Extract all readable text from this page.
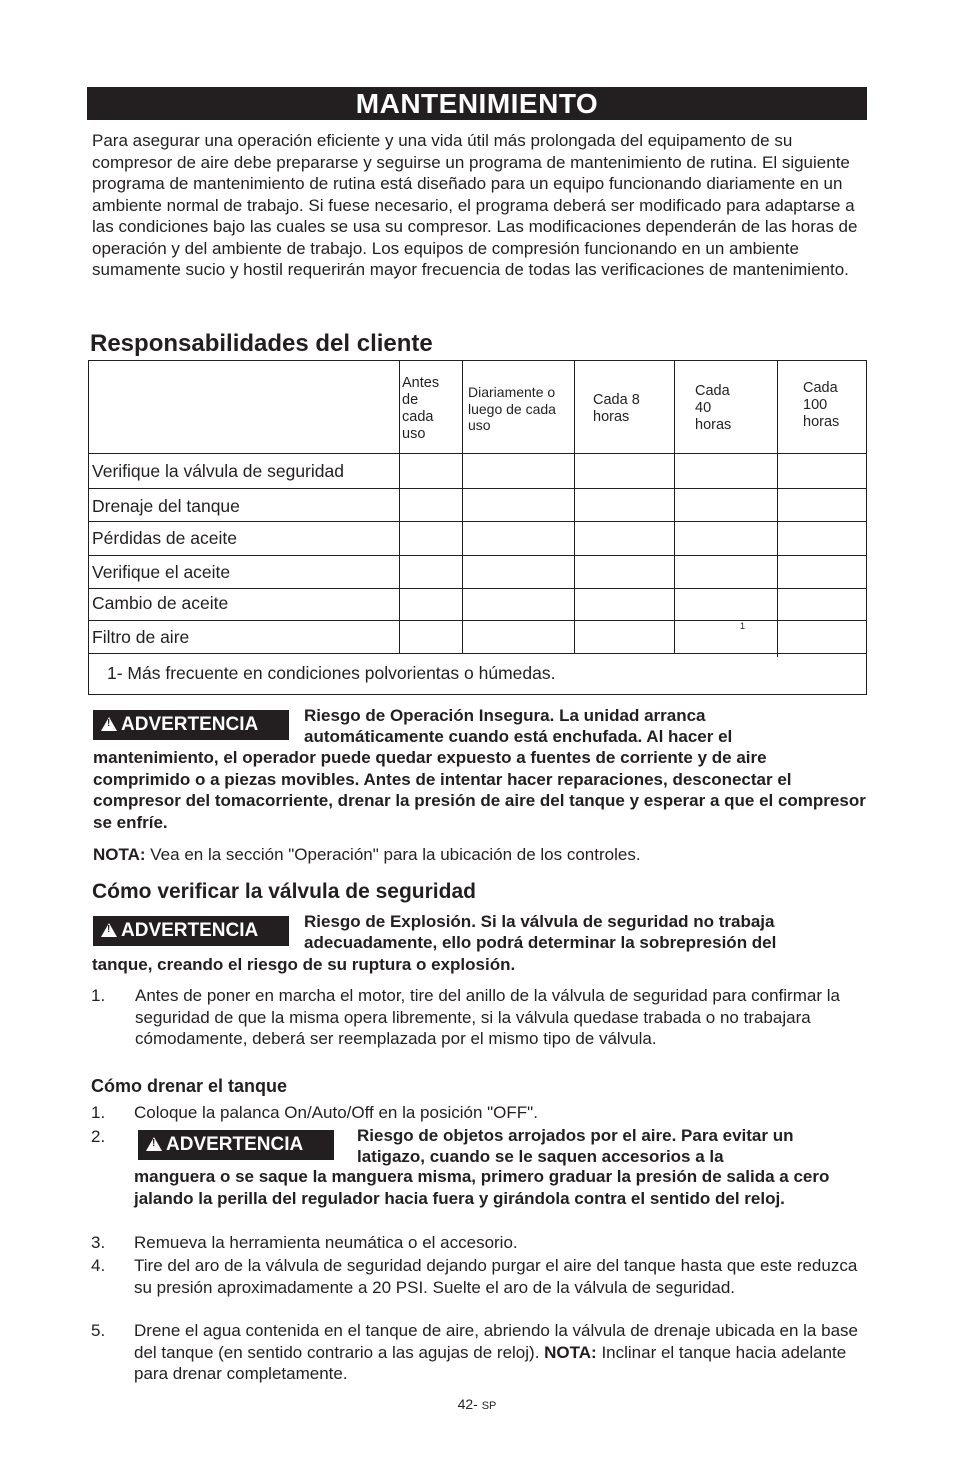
MANTENIMIENTO

Para asegurar una operación eficiente y una vida útil más prolongada del equipamento de su compresor de aire debe prepararse y seguirse un programa de mantenimiento de rutina. El siguiente programa de mantenimiento de rutina está diseñado para un equipo funcionando diariamente en un ambiente normal de trabajo. Si fuese necesario, el programa deberá ser modificado para adaptarse a las condiciones bajo las cuales se usa su compresor. Las modificaciones dependerán de las horas de operación y del ambiente de trabajo. Los equipos de compresión funcionando en un ambiente sumamente sucio y hostil requerirán mayor frecuencia de todas las verificaciones de mantenimiento.

Responsabilidades del cliente
Antes de cada uso
Diariamente o luego de cada uso
Cada 8 horas
Cada 40 horas
Cada 100 horas
Verifique la válvula de seguridad
Drenaje del tanque
Pérdidas de aceite
Verifique el aceite
Cambio de aceite
Filtro de aire
1
1- Más frecuente en condiciones polvorientas o húmedas.
!ADVERTENCIA	Riesgo de Operación Insegura. La unidad arranca
automáticamente cuando está enchufada. Al hacer el

mantenimiento, el operador puede quedar expuesto a fuentes de corriente y de aire comprimido o a piezas movibles. Antes de intentar hacer reparaciones, desconectar el compresor del tomacorriente, drenar la presión de aire del tanque y esperar a que el compresor se enfríe.

NOTA: Vea en la sección "Operación" para la ubicación de los controles.
Cómo verificar la válvula de seguridad
!ADVERTENCIA	Riesgo de Explosión. Si la válvula de seguridad no trabaja
adecuadamente, ello podrá determinar la sobrepresión del
tanque, creando el riesgo de su ruptura o explosión.
1. Antes de poner en marcha el motor, tire del anillo de la válvula de seguridad para confirmar la seguridad de que la misma opera libremente, si la válvula quedase trabada o no trabajara cómodamente, deberá ser reemplazada por el mismo tipo de válvula.
Cómo drenar el tanque
1. Coloque la palanca On/Auto/Off en la posición "OFF".
2.
!	ADVERTENCIA	Riesgo de objetos arrojados por el aire. Para evitar un
latigazo, cuando se le saquen accesorios a la

manguera o se saque la manguera misma, primero graduar la presión de salida a cero jalando la perilla del regulador hacia fuera y girándola contra el sentido del reloj.

3. Remueva la herramienta neumática o el accesorio.
4. Tire del aro de la válvula de seguridad dejando purgar el aire del tanque hasta que este reduzca su presión aproximadamente a 20 PSI. Suelte el aro de la válvula de seguridad.
5. Drene el agua contenida en el tanque de aire, abriendo la válvula de drenaje ubicada en la base del tanque (en sentido contrario a las agujas de reloj). NOTA: Inclinar el tanque hacia adelante para drenar completamente.
42- SP
